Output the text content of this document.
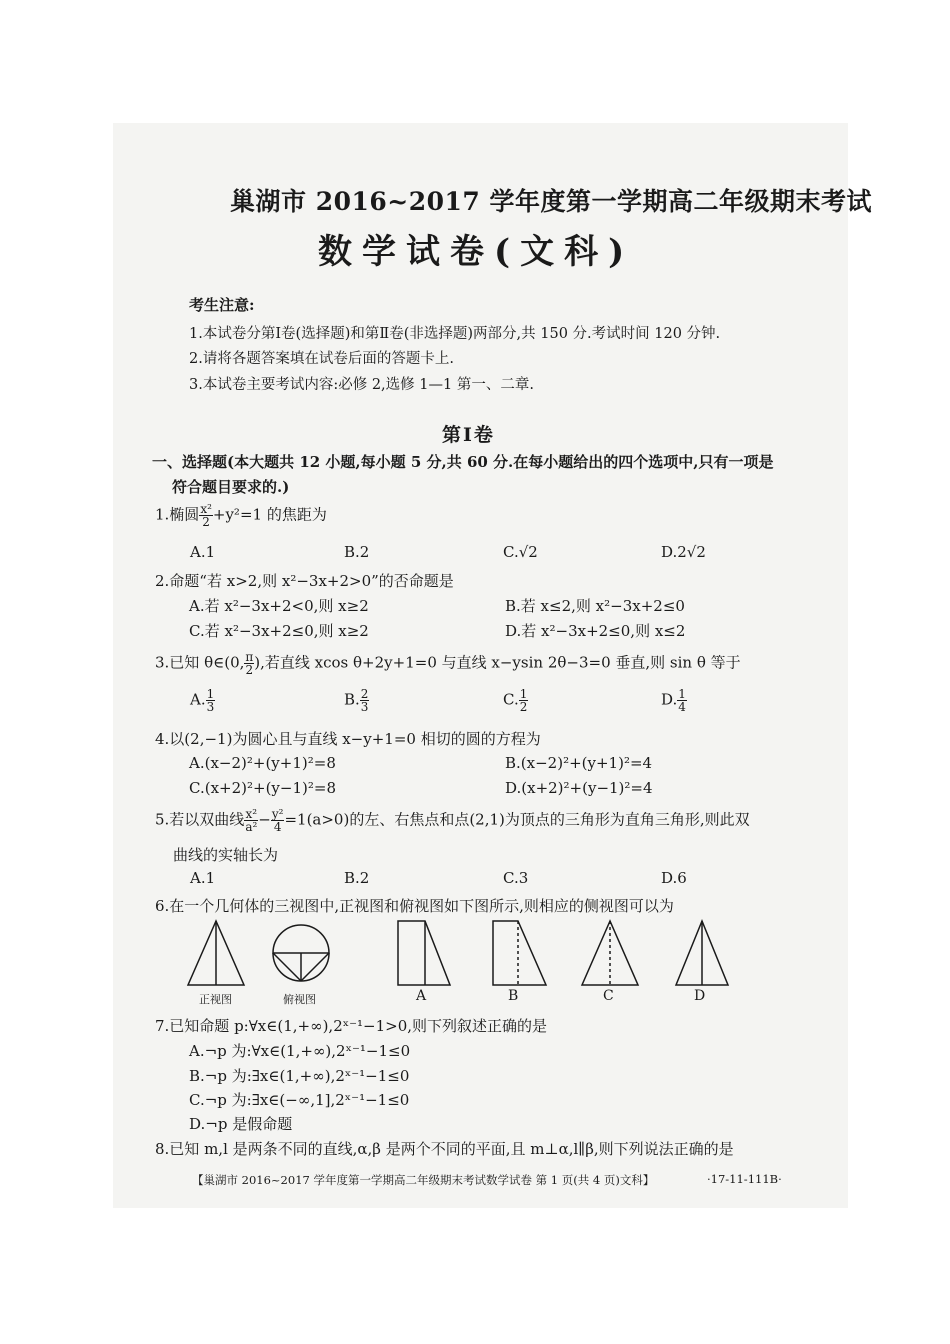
巢湖市 2016~2017 学年度第一学期高二年级期末考试
数学试卷(文科)
考生注意:
1.本试卷分第Ⅰ卷(选择题)和第Ⅱ卷(非选择题)两部分,共 150 分.考试时间 120 分钟.
2.请将各题答案填在试卷后面的答题卡上.
3.本试卷主要考试内容:必修 2,选修 1—1 第一、二章.
第Ⅰ卷
一、选择题(本大题共 12 小题,每小题 5 分,共 60 分.在每小题给出的四个选项中,只有一项是
符合题目要求的.)
1.椭圆 $\frac{\text{x²}}{2} +y^2=1$ 的焦距为
A.1	B.2	C.√2	D.2√2
2.命题“若 x>2,则 x²−3x+2>0”的否命题是
A.若 x²−3x+2<0,则 x≥2	B.若 x≤2,则 x²−3x+2≤0
C.若 x²−3x+2≤0,则 x≥2	D.若 x²−3x+2≤0,则 x≤2
3.已知 θ∈(0, $\frac{\pi}{2}$ ),若直线 xcos θ+2y+1=0 与直线 x−ysin 2θ−3=0 垂直,则 sin θ 等于
A. $\frac{1}{3}$	B. $\frac{2}{3}$	C. $\frac{1}{2}$	D. $\frac{1}{4}$
4.以(2,−1)为圆心且与直线 x−y+1=0 相切的圆的方程为
A.(x−2)²+(y+1)²=8	B.(x−2)²+(y+1)²=4
C.(x+2)²+(y−1)²=8	D.(x+2)²+(y−1)²=4
5.若以双曲线 $\frac{\text{x²}}{\text{a²}} - \frac{\text{y²}}{4} =1(a>0)$的左、右焦点和点(2,1)为顶点的三角形为直角三角形,则此双
曲线的实轴长为
A.1	B.2	C.3	D.6
6.在一个几何体的三视图中,正视图和俯视图如下图所示,则相应的侧视图可以为
正视图	俯视图	A	B	C	D
7.已知命题 p:∀x∈(1,+∞),2ˣ⁻¹−1>0,则下列叙述正确的是
A.¬p 为:∀x∈(1,+∞),2ˣ⁻¹−1≤0
B.¬p 为:∃x∈(1,+∞),2ˣ⁻¹−1≤0
C.¬p 为:∃x∈(−∞,1],2ˣ⁻¹−1≤0
D.¬p 是假命题
8.已知 m,l 是两条不同的直线,α,β 是两个不同的平面,且 m⊥α,l∥β,则下列说法正确的是
【巢湖市 2016~2017 学年度第一学期高二年级期末考试数学试卷 第 1 页(共 4 页)文科】	·17-11-111B·
